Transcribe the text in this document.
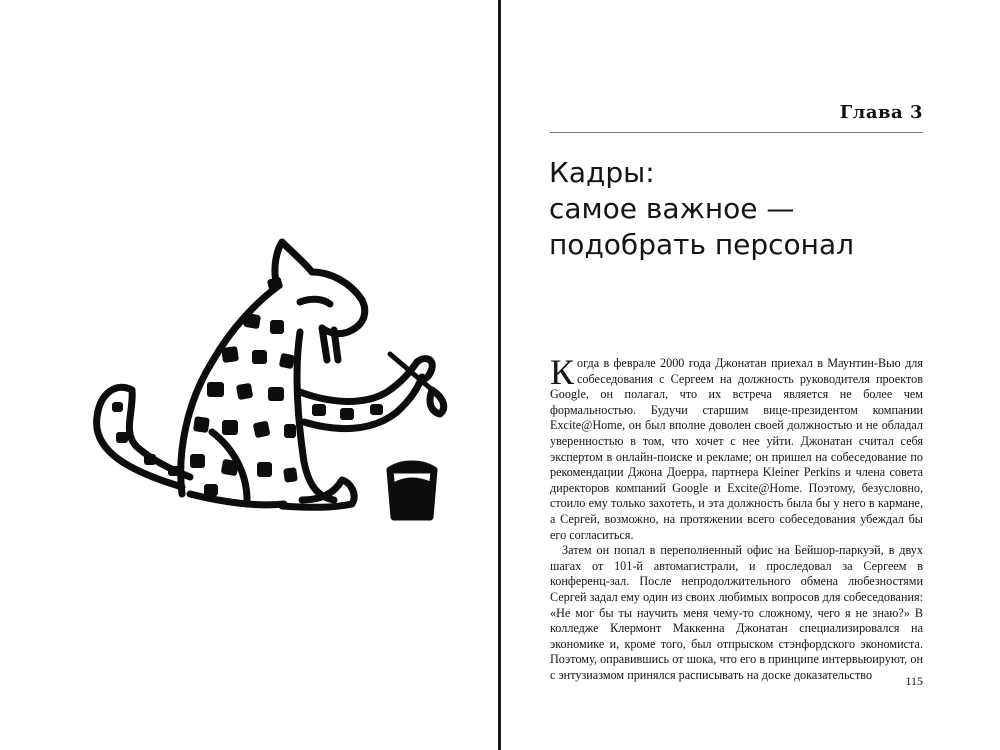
Глава 3
Кадры:
самое важное —
подобрать персонал

Когда в феврале 2000 года Джонатан приехал в Маунтин-Вью для собеседования с Сергеем на должность руководителя проектов Google, он полагал, что их встреча является не более чем формальностью. Будучи старшим вице-президентом компании Excite@Home, он был вполне доволен своей должностью и не обладал уверенностью в том, что хочет с нее уйти. Джонатан считал себя экспертом в онлайн-поиске и рекламе; он пришел на собеседование по рекомендации Джона Доерра, партнера Kleiner Perkins и члена совета директоров компаний Google и Excite@Home. Поэтому, безусловно, стоило ему только захотеть, и эта должность была бы у него в кармане, а Сергей, возможно, на протяжении всего собеседования убеждал бы его согласиться.

Затем он попал в переполненный офис на Бейшор-паркуэй, в двух шагах от 101-й автомагистрали, и проследовал за Сергеем в конференц-зал. После непродолжительного обмена любезностями Сергей задал ему один из своих любимых вопросов для собеседования: «Не мог бы ты научить меня чему-то сложному, чего я не знаю?» В колледже Клермонт Маккенна Джонатан специализировался на экономике и, кроме того, был отпрыском стэнфордского экономиста. Поэтому, оправившись от шока, что его в принципе интервьюируют, он с энтузиазмом принялся расписывать на доске доказательство	115
